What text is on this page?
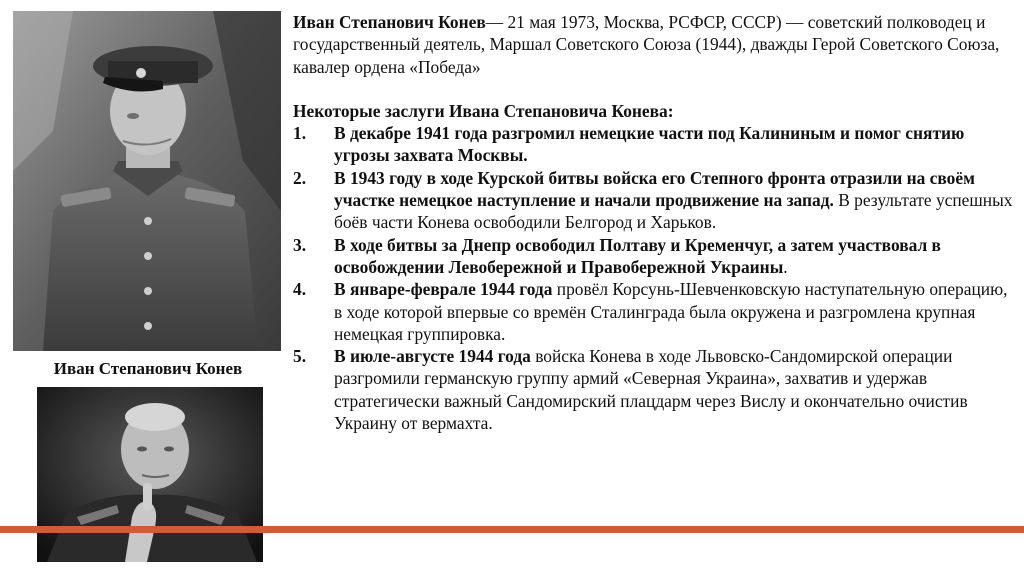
Иван Степанович Конев

Иван Степанович Конев— 21 мая 1973, Москва, РСФСР, СССР) — советский полководец и государственный деятель, Маршал Советского Союза (1944), дважды Герой Советского Союза, кавалер ордена «Победа»

Некоторые заслуги Ивана Степановича Конева:

1. В декабре 1941 года разгромил немецкие части под Калининым и помог снятию угрозы захвата Москвы.
2. В 1943 году в ходе Курской битвы войска его Степного фронта отразили на своём участке немецкое наступление и начали продвижение на запад. В результате успешных боёв части Конева освободили Белгород и Харьков.
3. В ходе битвы за Днепр освободил Полтаву и Кременчуг, а затем участвовал в освобождении Левобережной и Правобережной Украины.
4. В январе-феврале 1944 года провёл Корсунь-Шевченковскую наступательную операцию, в ходе которой впервые со времён Сталинграда была окружена и разгромлена крупная немецкая группировка.
5. В июле-августе 1944 года войска Конева в ходе Львовско-Сандомирской операции разгромили германскую группу армий «Северная Украина», захватив и удержав стратегически важный Сандомирский плацдарм через Вислу и окончательно очистив Украину от вермахта.
